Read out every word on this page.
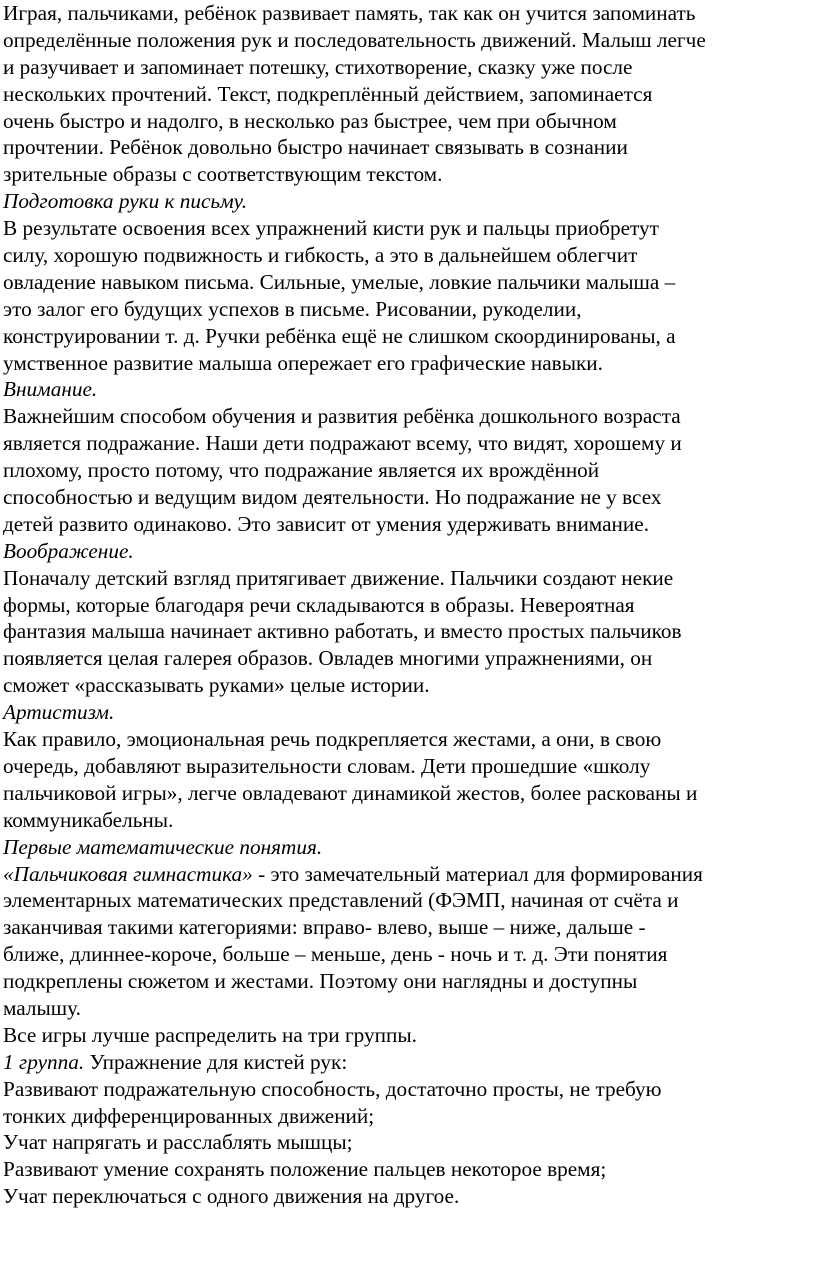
Играя, пальчиками, ребёнок развивает память, так как он учится запоминать
определённые положения рук и последовательность движений. Малыш легче
и разучивает и запоминает потешку, стихотворение, сказку уже после
нескольких прочтений. Текст, подкреплённый действием, запоминается
очень быстро и надолго, в несколько раз быстрее, чем при обычном
прочтении. Ребёнок довольно быстро начинает связывать в сознании
зрительные образы с соответствующим текстом.
Подготовка руки к письму.
В результате освоения всех упражнений кисти рук и пальцы приобретут
силу, хорошую подвижность и гибкость, а это в дальнейшем облегчит
овладение навыком письма. Сильные, умелые, ловкие пальчики малыша –
это залог его будущих успехов в письме. Рисовании, рукоделии,
конструировании т. д. Ручки ребёнка ещё не слишком скоординированы, а
умственное развитие малыша опережает его графические навыки.
Внимание.
Важнейшим способом обучения и развития ребёнка дошкольного возраста
является подражание. Наши дети подражают всему, что видят, хорошему и
плохому, просто потому, что подражание является их врождённой
способностью и ведущим видом деятельности. Но подражание не у всех
детей развито одинаково. Это зависит от умения удерживать внимание.
Воображение.
Поначалу детский взгляд притягивает движение. Пальчики создают некие
формы, которые благодаря речи складываются в образы. Невероятная
фантазия малыша начинает активно работать, и вместо простых пальчиков
появляется целая галерея образов. Овладев многими упражнениями, он
сможет «рассказывать руками» целые истории.
Артистизм.
Как правило, эмоциональная речь подкрепляется жестами, а они, в свою
очередь, добавляют выразительности словам. Дети прошедшие «школу
пальчиковой игры», легче овладевают динамикой жестов, более раскованы и
коммуникабельны.
Первые математические понятия.
«Пальчиковая гимнастика» - это замечательный материал для формирования
элементарных математических представлений (ФЭМП, начиная от счёта и
заканчивая такими категориями: вправо- влево, выше – ниже, дальше -
ближе, длиннее-короче, больше – меньше, день - ночь и т. д. Эти понятия
подкреплены сюжетом и жестами. Поэтому они наглядны и доступны
малышу.
Все игры лучше распределить на три группы.
1 группа. Упражнение для кистей рук:
Развивают подражательную способность, достаточно просты, не требую
тонких дифференцированных движений;
Учат напрягать и расслаблять мышцы;
Развивают умение сохранять положение пальцев некоторое время;
Учат переключаться с одного движения на другое.
